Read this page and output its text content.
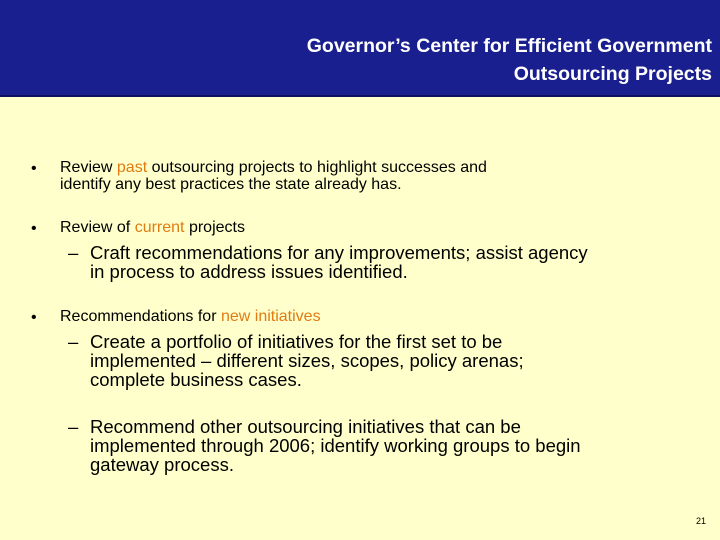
Governor’s Center for Efficient Government
Outsourcing Projects
• Review past outsourcing projects to highlight successes and
identify any best practices the state already has.
• Review of current projects
– Craft recommendations for any improvements; assist agency
in process to address issues identified.
• Recommendations for new initiatives
– Create a portfolio of initiatives for the first set to be
implemented – different sizes, scopes, policy arenas;
complete business cases.
– Recommend other outsourcing initiatives that can be
implemented through 2006; identify working groups to begin
gateway process.
21
